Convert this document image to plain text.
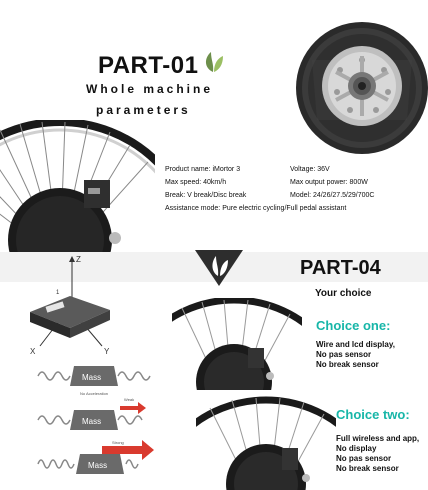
PART-01
Whole machine
parameters
Product name: iMortor 3	Voltage: 36V
Max speed: 40km/h	Max output power: 800W
Break: V break/Disc break	Model: 24/26/27.5/29/700C
Assistance mode: Pure electric cycling/Full pedal assistant
PART-04
Your choice
Z
X	Y
1
Mass
No Acceleration
Mass
Weak
Mass
Strong
Choice one:
Wire and lcd display,
No pas sensor
No break sensor
Choice two:
Full wireless and app,
No display
No pas sensor
No break sensor
